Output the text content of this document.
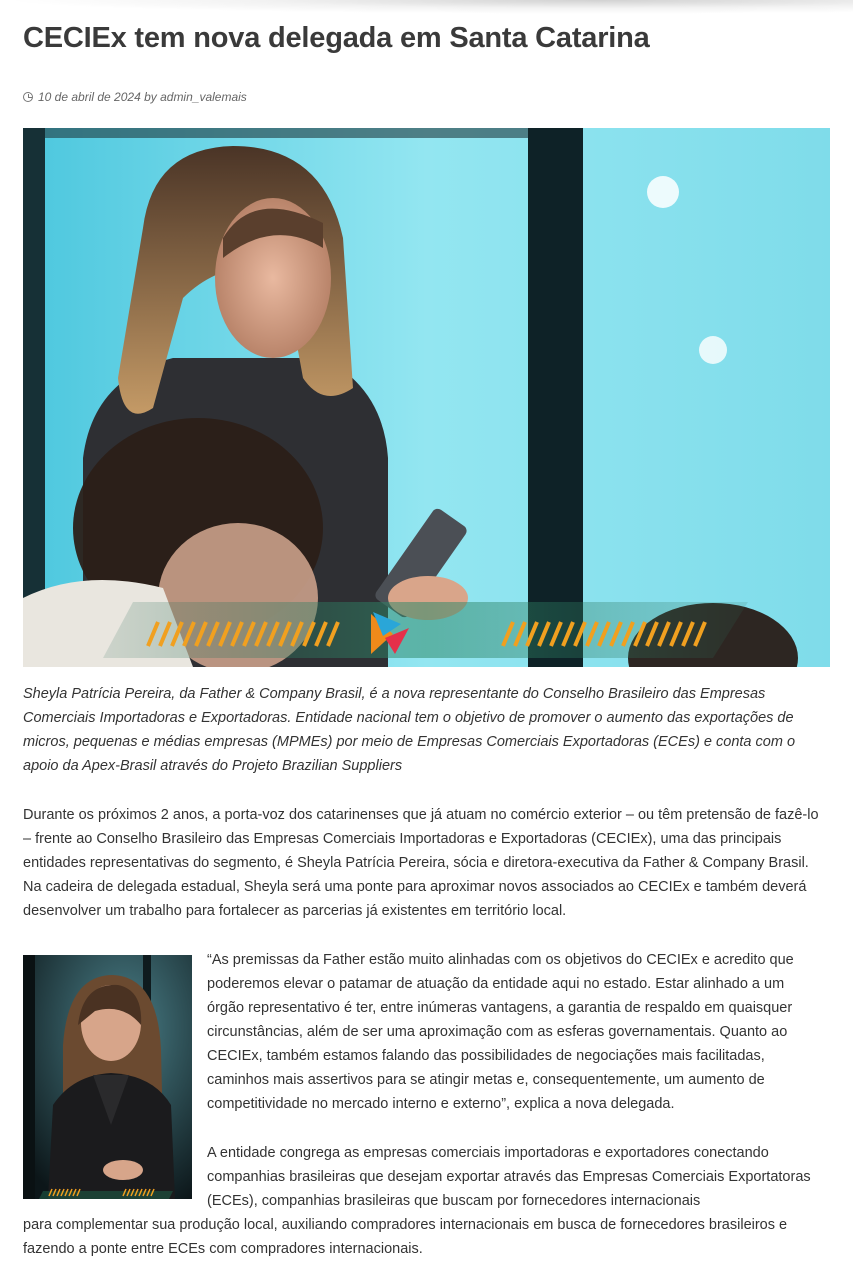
CECIEx tem nova delegada em Santa Catarina
10 de abril de 2024 by admin_valemais

Sheyla Patrícia Pereira, da Father & Company Brasil, é a nova representante do Conselho Brasileiro das Empresas Comerciais Importadoras e Exportadoras. Entidade nacional tem o objetivo de promover o aumento das exportações de micros, pequenas e médias empresas (MPMEs) por meio de Empresas Comerciais Exportadoras (ECEs) e conta com o apoio da Apex-Brasil através do Projeto Brazilian Suppliers

Durante os próximos 2 anos, a porta-voz dos catarinenses que já atuam no comércio exterior – ou têm pretensão de fazê-lo – frente ao Conselho Brasileiro das Empresas Comerciais Importadoras e Exportadoras (CECIEx), uma das principais entidades representativas do segmento, é Sheyla Patrícia Pereira, sócia e diretora-executiva da Father & Company Brasil. Na cadeira de delegada estadual, Sheyla será uma ponte para aproximar novos associados ao CECIEx e também deverá desenvolver um trabalho para fortalecer as parcerias já existentes em território local.

“As premissas da Father estão muito alinhadas com os objetivos do CECIEx e acredito que poderemos elevar o patamar de atuação da entidade aqui no estado. Estar alinhado a um órgão representativo é ter, entre inúmeras vantagens, a garantia de respaldo em quaisquer circunstâncias, além de ser uma aproximação com as esferas governamentais. Quanto ao CECIEx, também estamos falando das possibilidades de negociações mais facilitadas, caminhos mais assertivos para se atingir metas e, consequentemente, um aumento de competitividade no mercado interno e externo”, explica a nova delegada.

A entidade congrega as empresas comerciais importadoras e exportadores conectando companhias brasileiras que desejam exportar através das Empresas Comerciais Exportatoras (ECEs), companhias brasileiras que buscam por fornecedores internacionais

para complementar sua produção local, auxiliando compradores internacionais em busca de fornecedores brasileiros e fazendo a ponte entre ECEs com compradores internacionais.
